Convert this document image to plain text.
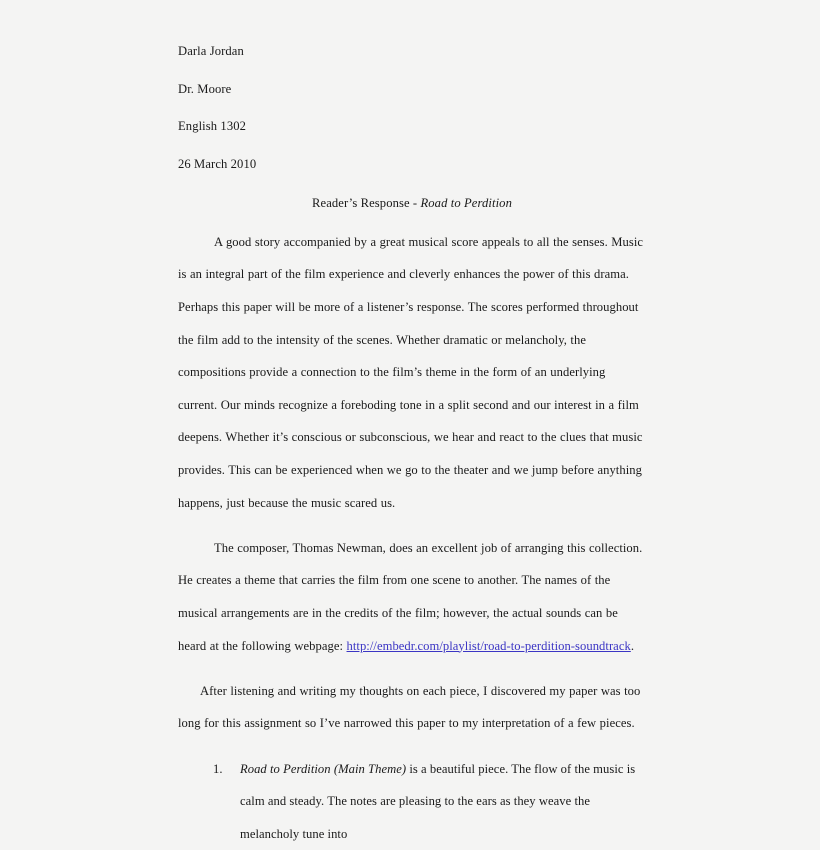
Darla Jordan
Dr. Moore
English 1302
26 March 2010
Reader’s Response - Road to Perdition

A good story accompanied by a great musical score appeals to all the senses. Music is an integral part of the film experience and cleverly enhances the power of this drama. Perhaps this paper will be more of a listener’s response. The scores performed throughout the film add to the intensity of the scenes. Whether dramatic or melancholy, the compositions provide a connection to the film’s theme in the form of an underlying current. Our minds recognize a foreboding tone in a split second and our interest in a film deepens. Whether it’s conscious or subconscious, we hear and react to the clues that music provides. This can be experienced when we go to the theater and we jump before anything happens, just because the music scared us.

The composer, Thomas Newman, does an excellent job of arranging this collection. He creates a theme that carries the film from one scene to another. The names of the musical arrangements are in the credits of the film; however, the actual sounds can be heard at the following webpage: http://embedr.com/playlist/road-to-perdition-soundtrack.

After listening and writing my thoughts on each piece, I discovered my paper was too long for this assignment so I’ve narrowed this paper to my interpretation of a few pieces.

1. Road to Perdition (Main Theme) is a beautiful piece. The flow of the music is calm and steady. The notes are pleasing to the ears as they weave the melancholy tune into
